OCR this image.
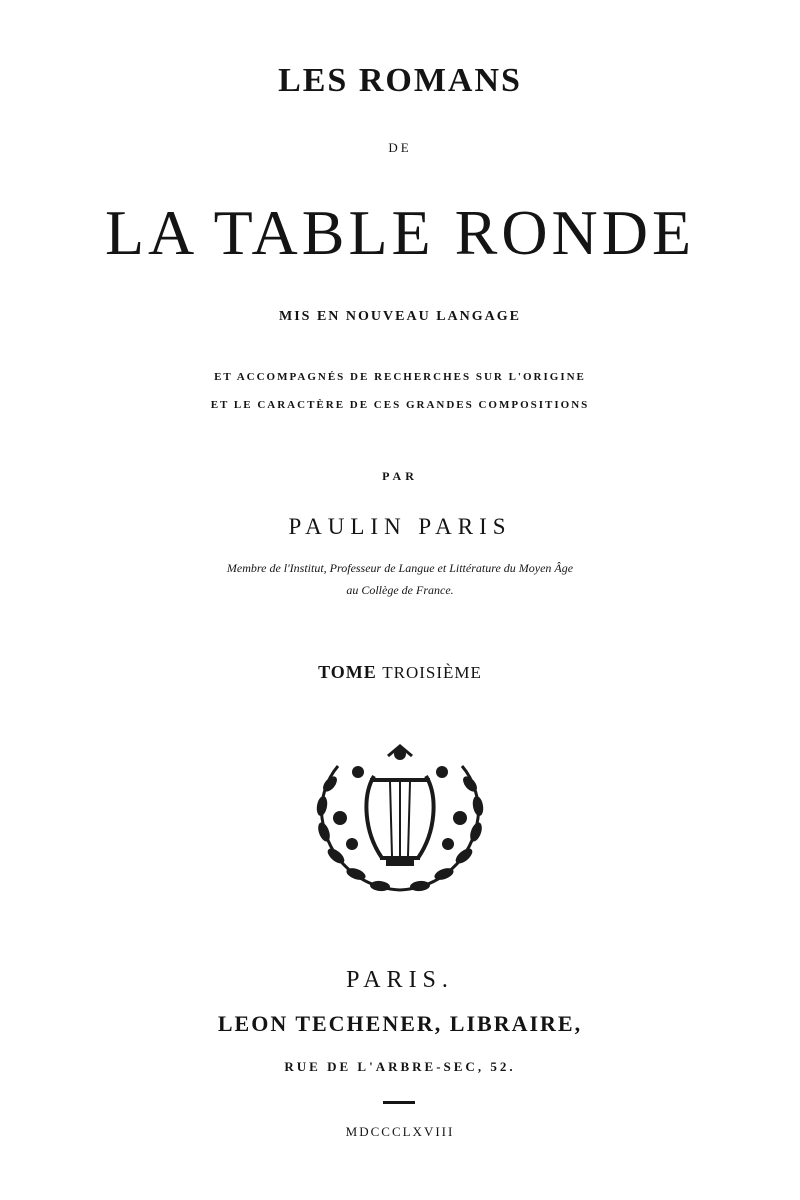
LES ROMANS
DE
LA TABLE RONDE
MIS EN NOUVEAU LANGAGE
ET ACCOMPAGNÉS DE RECHERCHES SUR L'ORIGINE
ET LE CARACTÈRE DE CES GRANDES COMPOSITIONS
PAR
PAULIN PARIS
Membre de l'Institut, Professeur de Langue et Littérature du Moyen Âge
au Collège de France.
TOME TROISIÈME
PARIS.
LEON TECHENER, LIBRAIRE,
RUE DE L'ARBRE-SEC, 52.
MDCCCLXVIII
